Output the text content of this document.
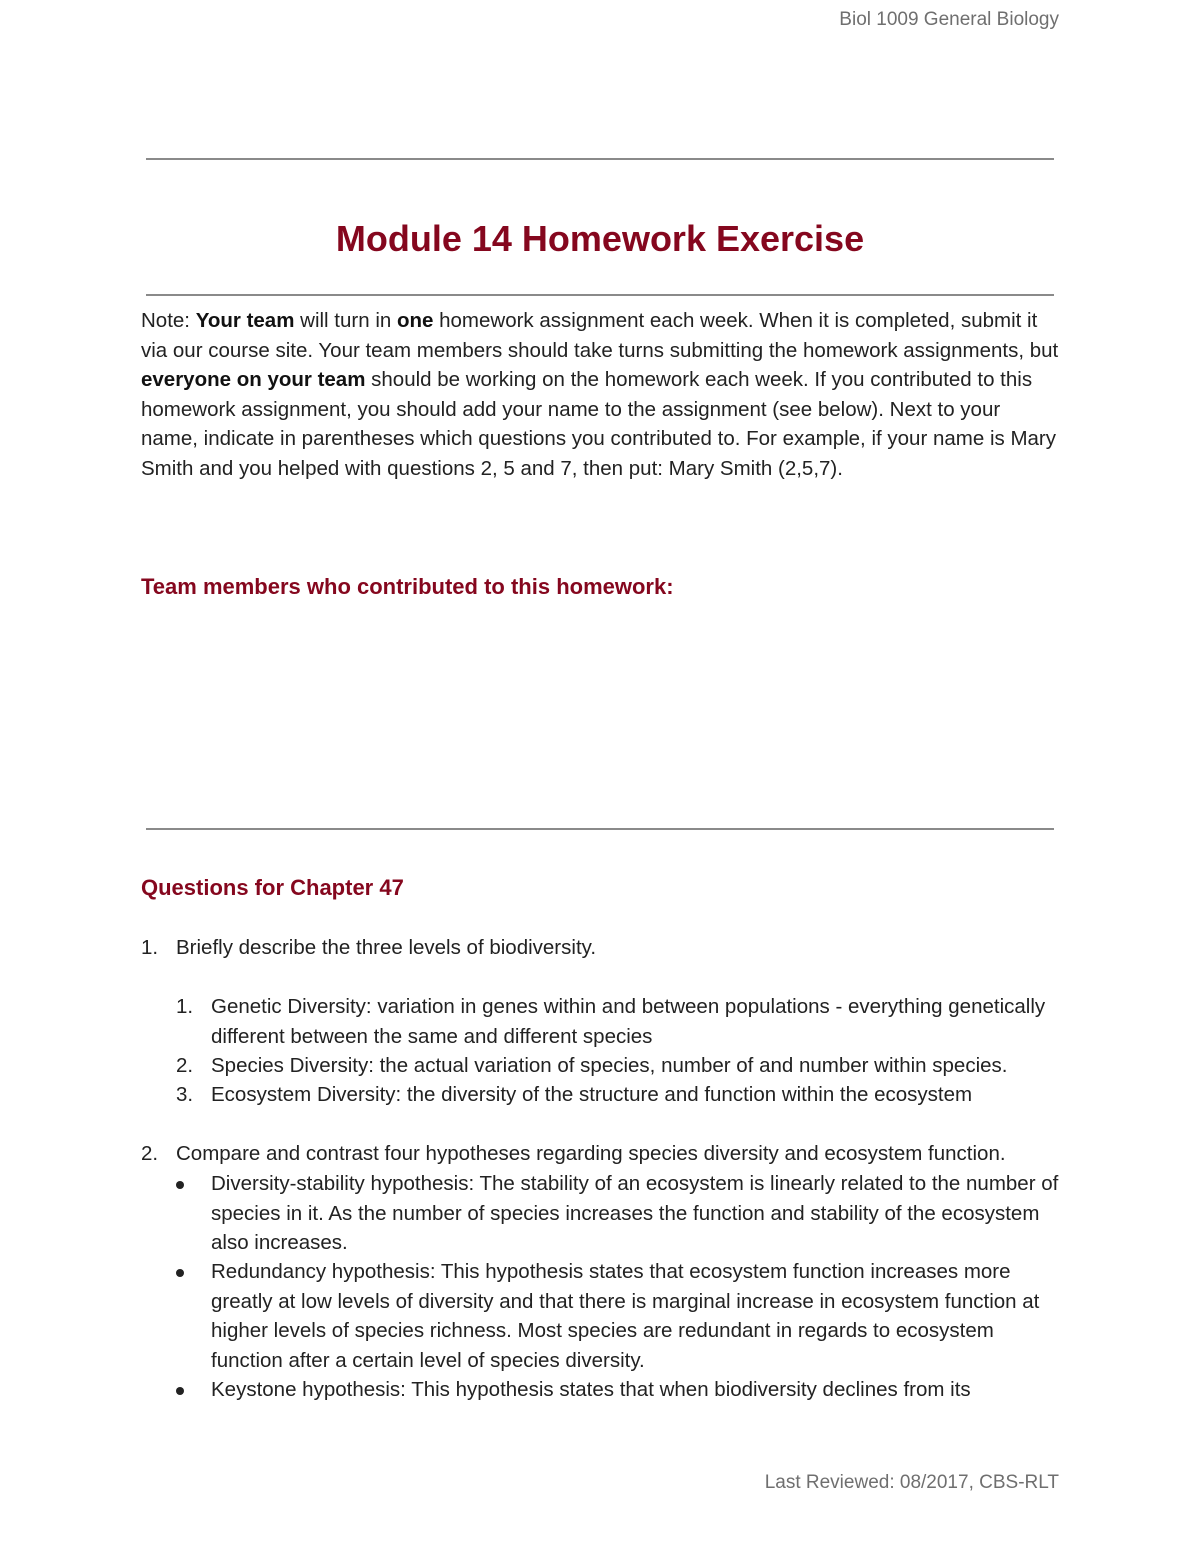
Biol 1009 General Biology
Module 14 Homework Exercise

Note: Your team will turn in one homework assignment each week. When it is completed, submit it via our course site. Your team members should take turns submitting the homework assignments, but everyone on your team should be working on the homework each week. If you contributed to this homework assignment, you should add your name to the assignment (see below). Next to your name, indicate in parentheses which questions you contributed to. For example, if your name is Mary Smith and you helped with questions 2, 5 and 7, then put: Mary Smith (2,5,7).

Team members who contributed to this homework:
Questions for Chapter 47
1. Briefly describe the three levels of biodiversity.
1. Genetic Diversity: variation in genes within and between populations - everything genetically different between the same and different species
2. Species Diversity: the actual variation of species, number of and number within species.
3. Ecosystem Diversity: the diversity of the structure and function within the ecosystem
2. Compare and contrast four hypotheses regarding species diversity and ecosystem function.
Diversity-stability hypothesis: The stability of an ecosystem is linearly related to the number of species in it. As the number of species increases the function and stability of the ecosystem also increases.
Redundancy hypothesis: This hypothesis states that ecosystem function increases more greatly at low levels of diversity and that there is marginal increase in ecosystem function at higher levels of species richness. Most species are redundant in regards to ecosystem function after a certain level of species diversity.
Keystone hypothesis: This hypothesis states that when biodiversity declines from its
Last Reviewed: 08/2017, CBS-RLT
